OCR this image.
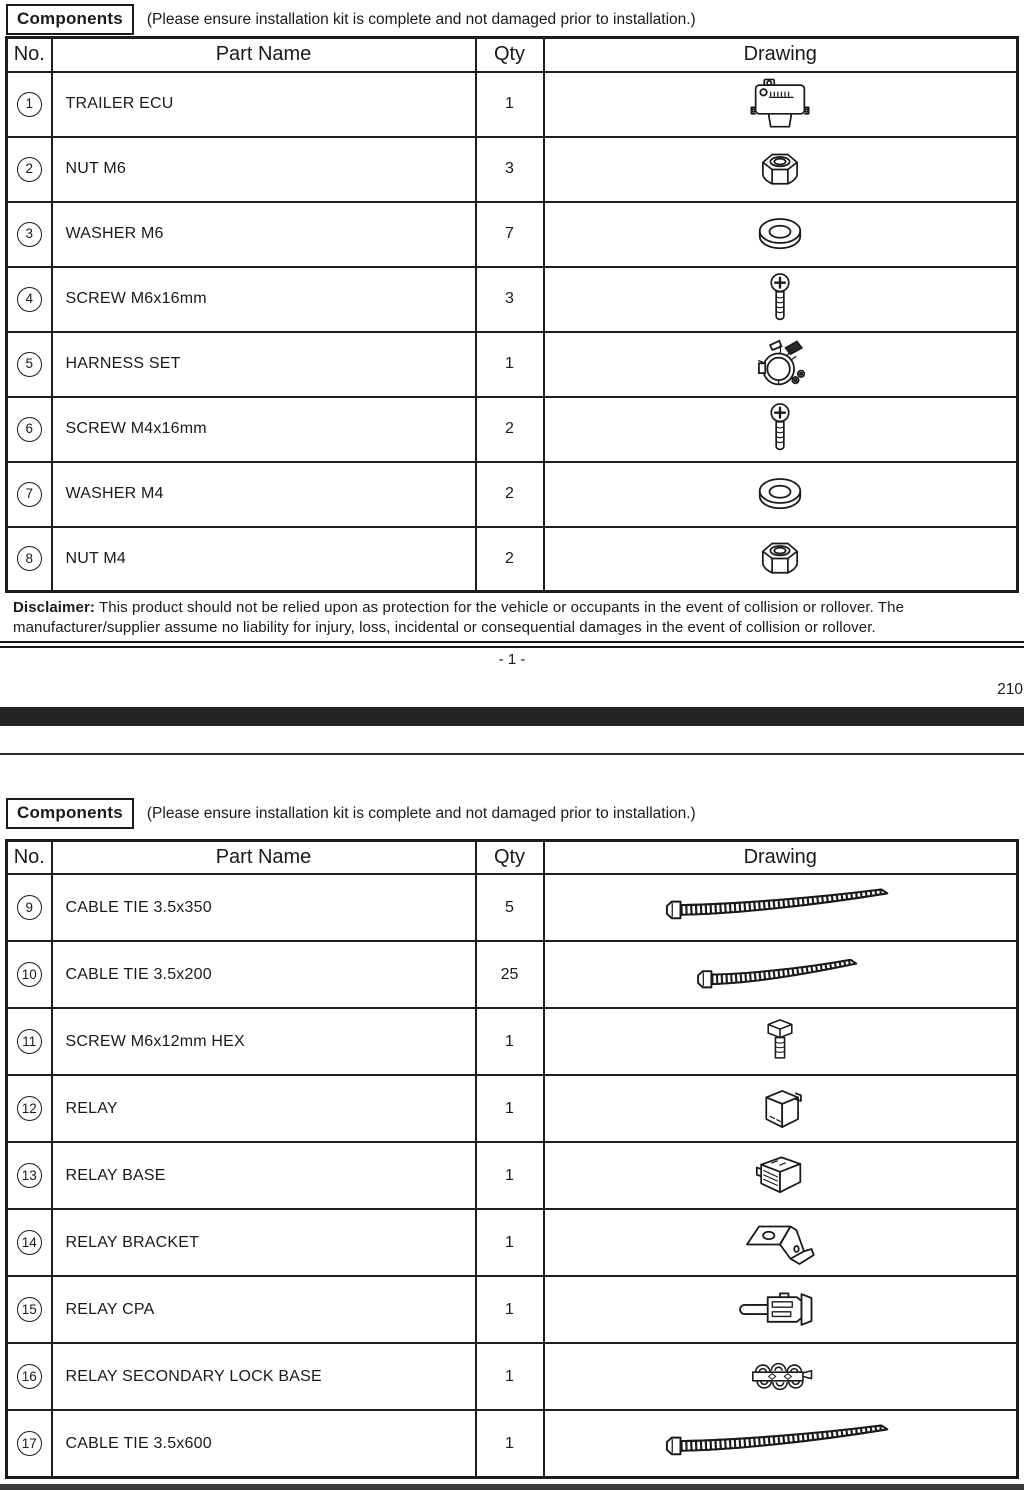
Components	(Please ensure installation kit is complete and not damaged prior to installation.)
No.	Part Name	Qty	Drawing
1	TRAILER ECU	1	
2	NUT M6	3	
3	WASHER M6	7	
4	SCREW M6x16mm	3	
5	HARNESS SET	1	
6	SCREW M4x16mm	2	
7	WASHER M4	2	
8	NUT M4	2	
Disclaimer: This product should not be relied upon as protection for the vehicle or occupants in the event of collision or rollover. The manufacturer/supplier assume no liability for injury, loss, incidental or consequential damages in the event of collision or rollover.
- 1 -
210
Components	(Please ensure installation kit is complete and not damaged prior to installation.)
No.	Part Name	Qty	Drawing
9	CABLE TIE 3.5x350	5	
10	CABLE TIE 3.5x200	25	
11	SCREW M6x12mm HEX	1	
12	RELAY	1	
13	RELAY BASE	1	
14	RELAY BRACKET	1	
15	RELAY CPA	1	
16	RELAY SECONDARY LOCK BASE	1	
17	CABLE TIE 3.5x600	1	
